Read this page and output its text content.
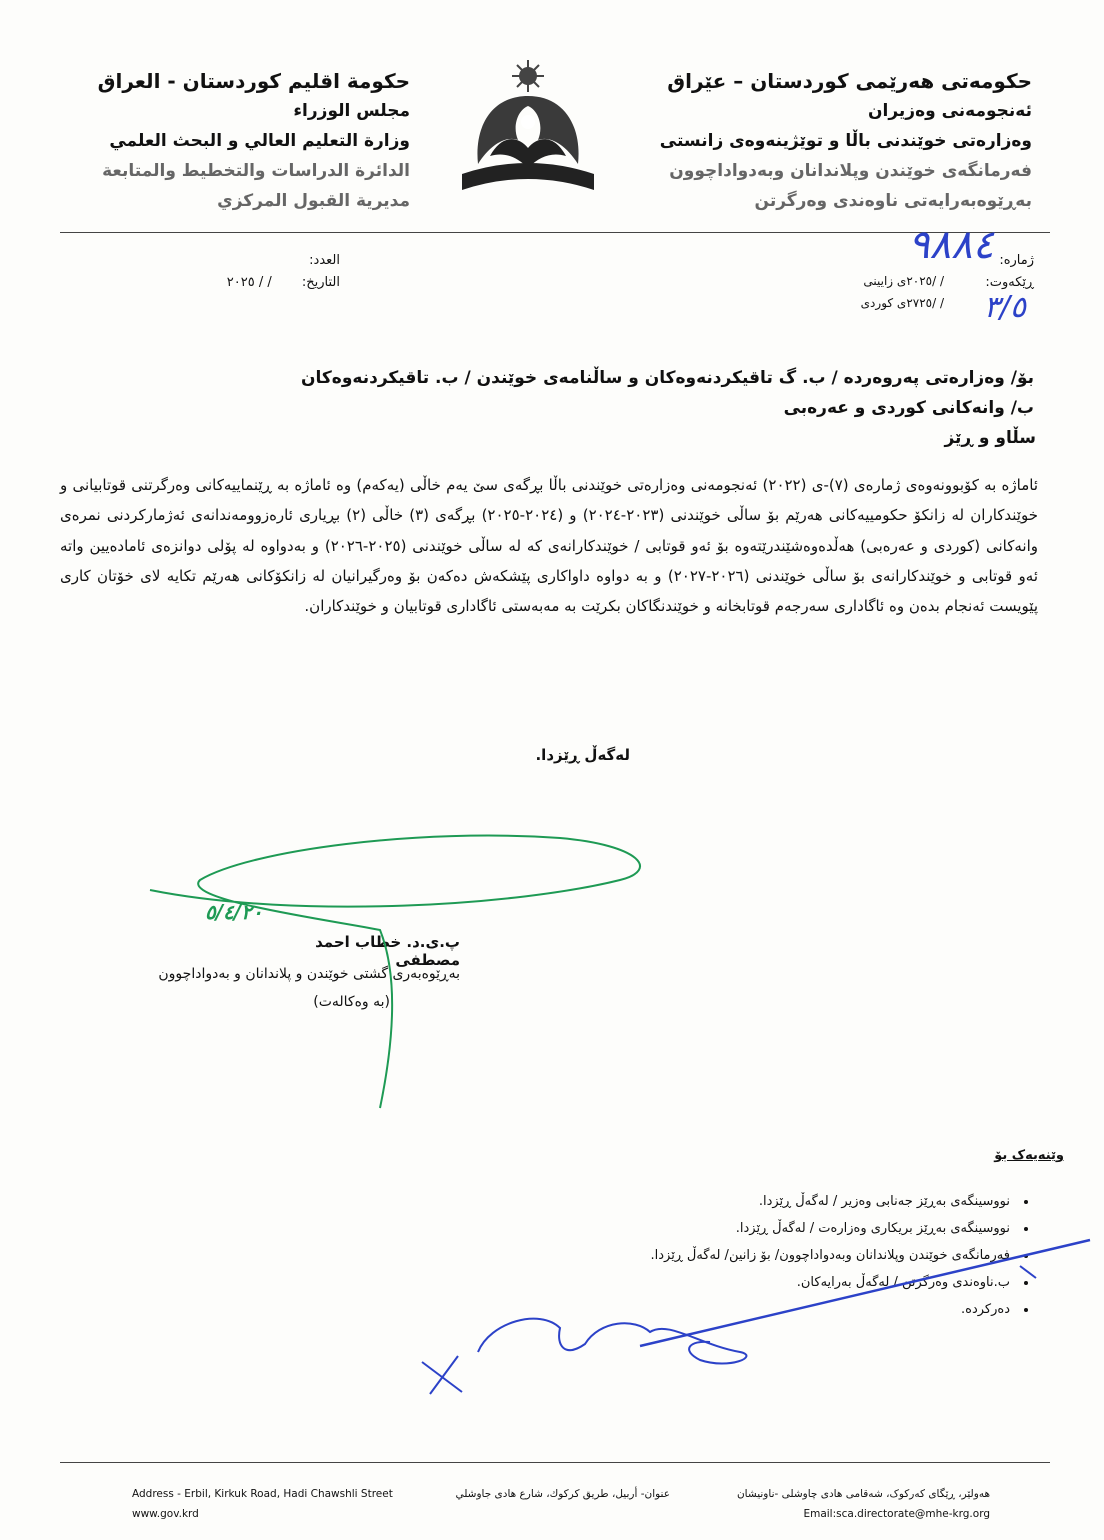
حکومەتی هەرێمی کوردستان – عێراق
ئەنجومەنی وەزیران
وەزارەتی خوێندنی باڵا و توێژینەوەی زانستی
فەرمانگەی خوێندن وپلاندانان وبەدواداچوون
بەڕێوەبەرایەتی ناوەندی وەرگرتن
حكومة اقليم كوردستان - العراق
مجلس الوزراء
وزارة التعليم العالي و البحث العلمي
الدائرة الدراسات والتخطيط والمتابعة
مديرية القبول المركزي
ژمارە:
ڕێکەوت:
/ /٢٠٢٥ی زایینی
/ /٢٧٢٥ی کوردی
٩٨٨٤
٣/٥
العدد:
التاريخ: / / ٢٠٢٥
بۆ/ وەزارەتی پەروەردە / ب. گ تاقیکردنەوەکان و ساڵنامەی خوێندن / ب. تاقیکردنەوەکان
ب/ وانەکانی کوردی و عەرەبی
سڵاو و ڕێز
ئاماژە بە کۆبوونەوەی ژمارەی (٧)-ی (٢٠٢٢) ئەنجومەنی وەزارەتی خوێندنی باڵا بڕگەی سێ یەم خاڵی (یەکەم) وە ئاماژە بە ڕێنماییەکانی وەرگرتنی قوتابیانی و خوێندکاران لە زانکۆ حکومییەکانی هەرێم بۆ ساڵی خوێندنی (٢٠٢٣-٢٠٢٤) و (٢٠٢٤-٢٠٢٥) بڕگەی (٣) خاڵی (٢) بڕیاری ئارەزوومەندانەی ئەژمارکردنی نمرەی وانەکانی (کوردی و عەرەبی) هەڵدەوەشێندرێتەوە بۆ ئەو قوتابی / خوێندکارانەی کە لە ساڵی خوێندنی (٢٠٢٥-٢٠٢٦) و بەدواوە لە پۆلی دوانزەی ئامادەیین واتە ئەو قوتابی و خوێندکارانەی بۆ ساڵی خوێندنی (٢٠٢٦-٢٠٢٧) و بە دواوە داواکاری پێشکەش دەکەن بۆ وەرگیرانیان لە زانکۆکانی هەرێم تکایە لای خۆتان کاری پێویست ئەنجام بدەن وە ئاگاداری سەرجەم قوتابخانە و خوێندنگاکان بکرێت بە مەبەستی ئاگاداری قوتابیان و خوێندکاران.
لەگەڵ ڕێزدا.
٥/٤/٢٠
پ.ی.د. خطاب احمد مصطفى
بەڕێوەبەری گشتی خوێندن و پلاندانان و بەدواداچوون
(بە وەکالەت)
وێنەیەک بۆ
• نووسینگەی بەڕێز جەنابی وەزیر / لەگەڵ ڕێزدا.
• نووسینگەی بەڕێز بریکاری وەزارەت / لەگەڵ ڕێزدا.
• فەرمانگەی خوێندن وپلاندانان وبەدواداچوون/ بۆ زانین/ لەگەڵ ڕێزدا.
• ب.ناوەندی وەرگرتن / لەگەڵ بەرایەکان.
• دەرکردە.
Address - Erbil, Kirkuk Road, Hadi Chawshli Street
www.gov.krd
عنوان- أربيل، طريق كركوك، شارع هادى جاوشلي	هەولێر، ڕێگای کەرکوک، شەقامی هادی چاوشلی -ناونیشان
Email:sca.directorate@mhe-krg.org
